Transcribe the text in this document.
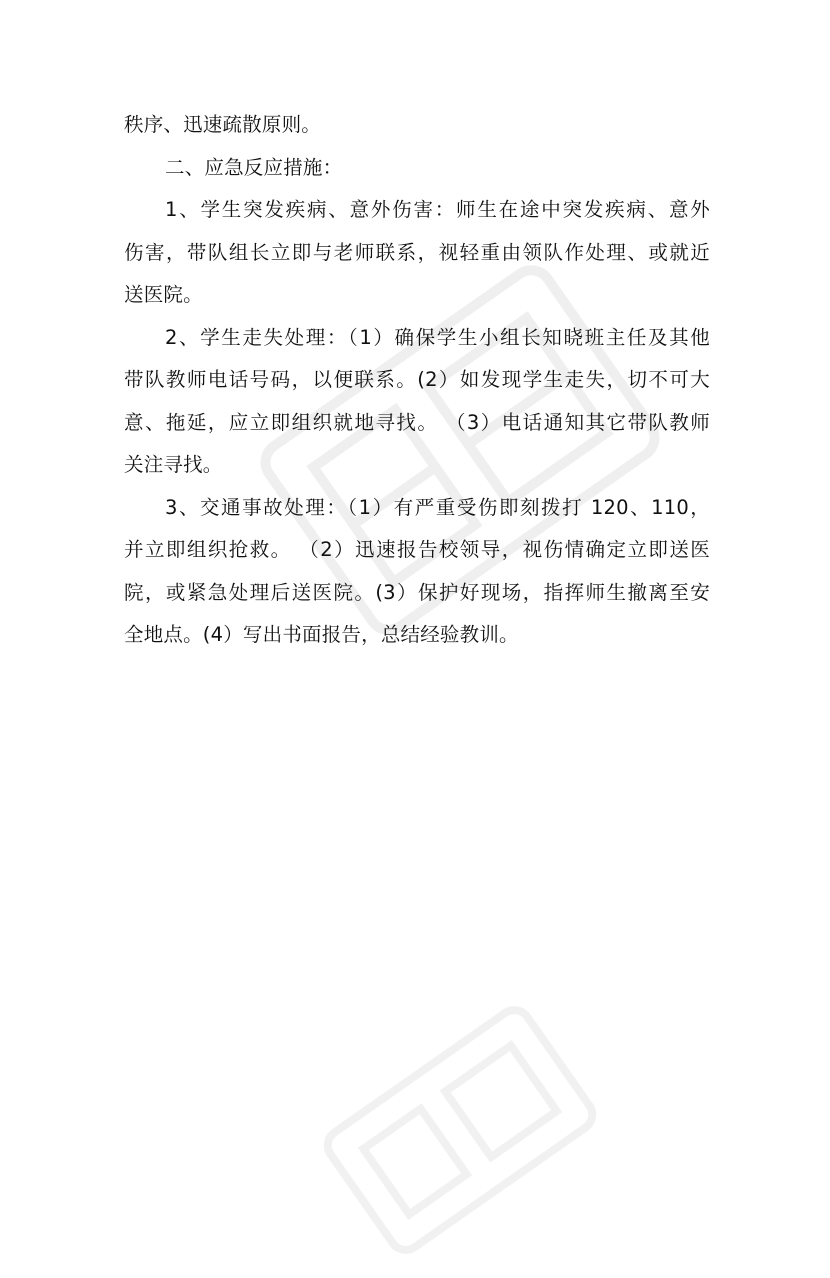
秩序、迅速疏散原则。

二、应急反应措施：

1、学生突发疾病、意外伤害：师生在途中突发疾病、意外

伤害，带队组长立即与老师联系，视轻重由领队作处理、或就近

送医院。

2、学生走失处理：（1）确保学生小组长知晓班主任及其他

带队教师电话号码，以便联系。(2）如发现学生走失，切不可大

意、拖延，应立即组织就地寻找。 （3）电话通知其它带队教师

关注寻找。

3、交通事故处理：（1）有严重受伤即刻拨打 120、110，

并立即组织抢救。 （2）迅速报告校领导，视伤情确定立即送医

院，或紧急处理后送医院。(3）保护好现场，指挥师生撤离至安

全地点。(4）写出书面报告，总结经验教训。
